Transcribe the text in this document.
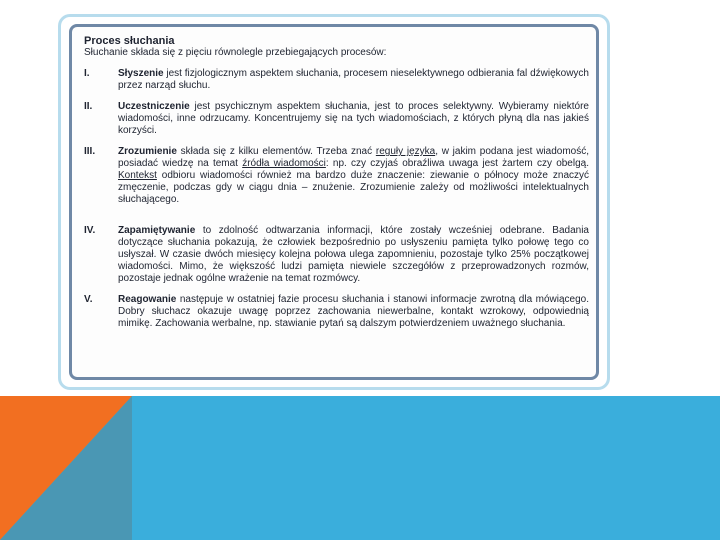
Proces słuchania

Słuchanie składa się z pięciu równolegle przebiegających procesów:

I.	Słyszenie jest fizjologicznym aspektem słuchania, procesem nieselektywnego odbierania fal dźwiękowych przez narząd słuchu.
II.	Uczestniczenie jest psychicznym aspektem słuchania, jest to proces selektywny. Wybieramy niektóre wiadomości, inne odrzucamy. Koncentrujemy się na tych wiadomościach, z których płyną dla nas jakieś korzyści.
III.	Zrozumienie składa się z kilku elementów. Trzeba znać reguły języka, w jakim podana jest wiadomość, posiadać wiedzę na temat źródła wiadomości: np. czy czyjaś obraźliwa uwaga jest żartem czy obelgą. Kontekst odbioru wiadomości również ma bardzo duże znaczenie: ziewanie o północy może znaczyć zmęczenie, podczas gdy w ciągu dnia – znużenie. Zrozumienie zależy od możliwości intelektualnych słuchającego.
IV.	Zapamiętywanie to zdolność odtwarzania informacji, które zostały wcześniej odebrane. Badania dotyczące słuchania pokazują, że człowiek bezpośrednio po usłyszeniu pamięta tylko połowę tego co usłyszał. W czasie dwóch miesięcy kolejna połowa ulega zapomnieniu, pozostaje tylko 25% początkowej wiadomości. Mimo, że większość ludzi pamięta niewiele szczegółów z przeprowadzonych rozmów, pozostaje jednak ogólne wrażenie na temat rozmówcy.
V.	Reagowanie następuje w ostatniej fazie procesu słuchania i stanowi informacje zwrotną dla mówiącego. Dobry słuchacz okazuje uwagę poprzez zachowania niewerbalne, kontakt wzrokowy, odpowiednią mimikę. Zachowania werbalne, np. stawianie pytań są dalszym potwierdzeniem uważnego słuchania.
